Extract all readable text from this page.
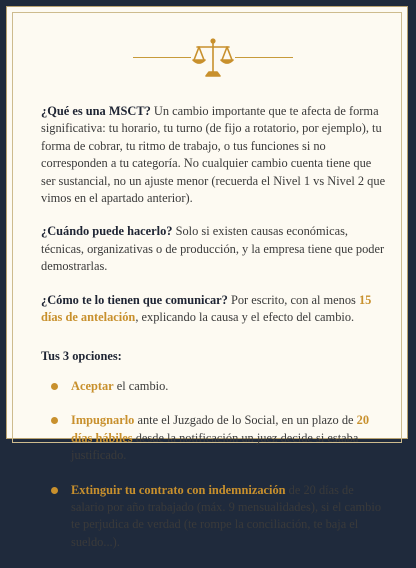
¿Qué es una MSCT? Un cambio importante que te afecta de forma significativa: tu horario, tu turno (de fijo a rotatorio, por ejemplo), tu forma de cobrar, tu ritmo de trabajo, o tus funciones si no corresponden a tu categoría. No cualquier cambio cuenta tiene que ser sustancial, no un ajuste menor (recuerda el Nivel 1 vs Nivel 2 que vimos en el apartado anterior).

¿Cuándo puede hacerlo? Solo si existen causas económicas, técnicas, organizativas o de producción, y la empresa tiene que poder demostrarlas.

¿Cómo te lo tienen que comunicar? Por escrito, con al menos 15 días de antelación, explicando la causa y el efecto del cambio.

Tus 3 opciones:
Aceptar el cambio.
Impugnarlo ante el Juzgado de lo Social, en un plazo de 20 días hábiles desde la notificación un juez decide si estaba justificado.
Extinguir tu contrato con indemnización de 20 días de salario por año trabajado (máx. 9 mensualidades), si el cambio te perjudica de verdad (te rompe la conciliación, te baja el sueldo...).
